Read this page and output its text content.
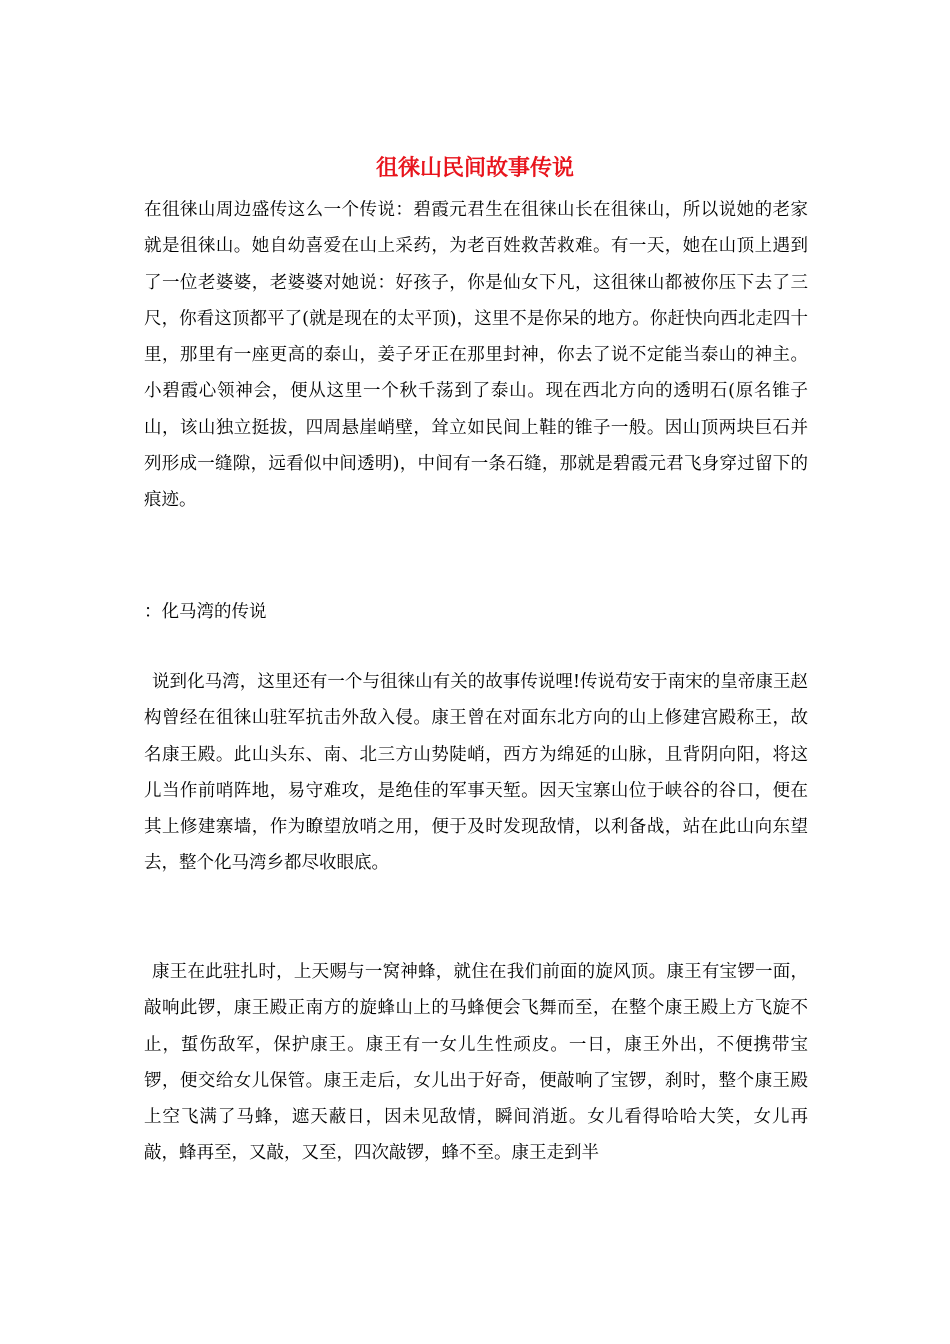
徂徕山民间故事传说

在徂徕山周边盛传这么一个传说：碧霞元君生在徂徕山长在徂徕山，所以说她的老家就是徂徕山。她自幼喜爱在山上采药，为老百姓救苦救难。有一天，她在山顶上遇到了一位老婆婆，老婆婆对她说：好孩子，你是仙女下凡，这徂徕山都被你压下去了三尺，你看这顶都平了(就是现在的太平顶)，这里不是你呆的地方。你赶快向西北走四十里，那里有一座更高的泰山，姜子牙正在那里封神，你去了说不定能当泰山的神主。小碧霞心领神会，便从这里一个秋千荡到了泰山。现在西北方向的透明石(原名锥子山，该山独立挺拔，四周悬崖峭壁，耸立如民间上鞋的锥子一般。因山顶两块巨石并列形成一缝隙，远看似中间透明)，中间有一条石缝，那就是碧霞元君飞身穿过留下的痕迹。

：化马湾的传说

说到化马湾，这里还有一个与徂徕山有关的故事传说哩!传说苟安于南宋的皇帝康王赵构曾经在徂徕山驻军抗击外敌入侵。康王曾在对面东北方向的山上修建宫殿称王，故名康王殿。此山头东、南、北三方山势陡峭，西方为绵延的山脉，且背阴向阳，将这儿当作前哨阵地，易守难攻，是绝佳的军事天堑。因天宝寨山位于峡谷的谷口，便在其上修建寨墙，作为瞭望放哨之用，便于及时发现敌情，以利备战，站在此山向东望去，整个化马湾乡都尽收眼底。

康王在此驻扎时，上天赐与一窝神蜂，就住在我们前面的旋风顶。康王有宝锣一面，敲响此锣，康王殿正南方的旋蜂山上的马蜂便会飞舞而至，在整个康王殿上方飞旋不止，蜇伤敌军，保护康王。康王有一女儿生性顽皮。一日，康王外出，不便携带宝锣，便交给女儿保管。康王走后，女儿出于好奇，便敲响了宝锣，刹时，整个康王殿上空飞满了马蜂，遮天蔽日，因未见敌情，瞬间消逝。女儿看得哈哈大笑，女儿再敲，蜂再至，又敲，又至，四次敲锣，蜂不至。康王走到半
